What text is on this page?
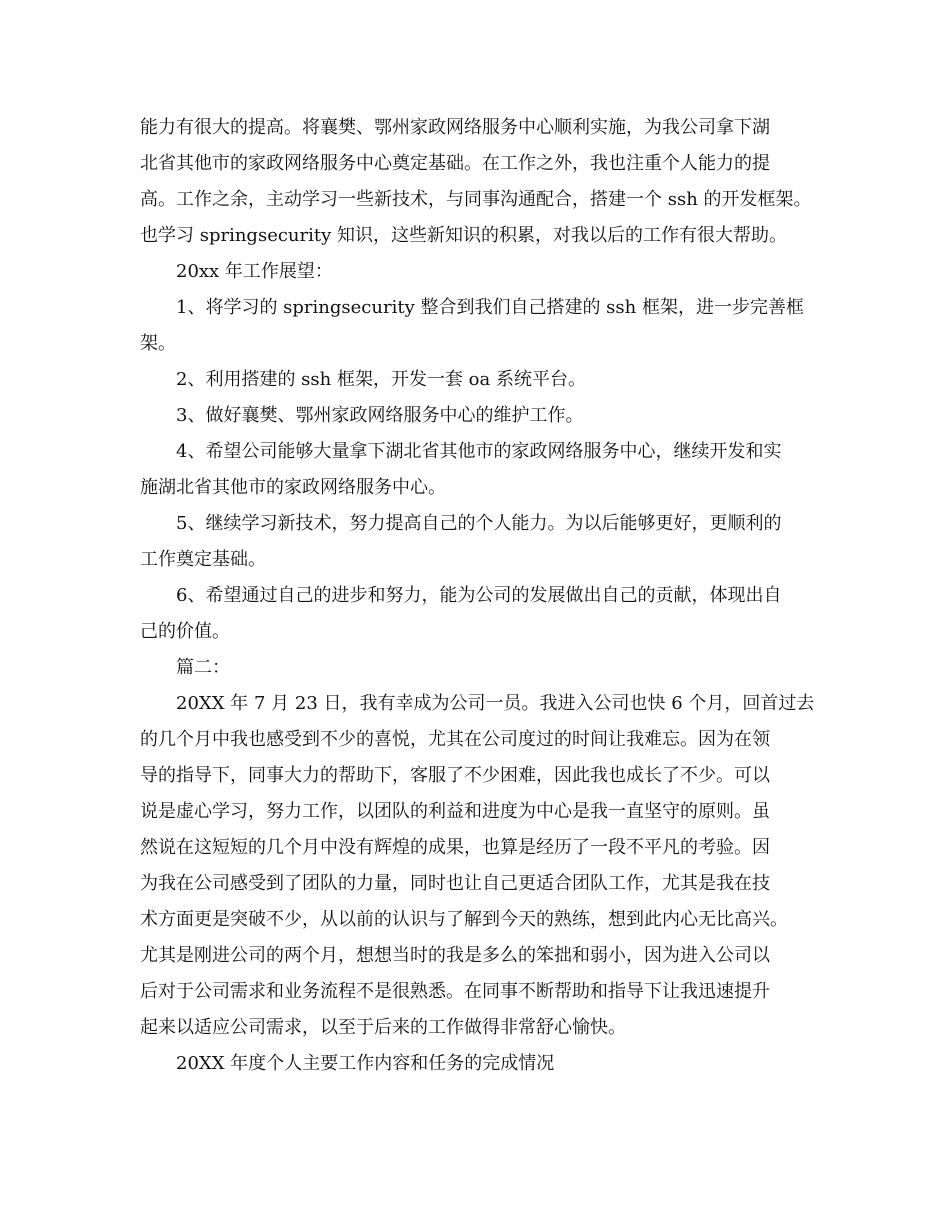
能力有很大的提高。将襄樊、鄂州家政网络服务中心顺利实施，为我公司拿下湖
北省其他市的家政网络服务中心奠定基础。在工作之外，我也注重个人能力的提
高。工作之余，主动学习一些新技术，与同事沟通配合，搭建一个 ssh 的开发框架。
也学习 springsecurity 知识，这些新知识的积累，对我以后的工作有很大帮助。
20xx 年工作展望：
1、将学习的 springsecurity 整合到我们自己搭建的 ssh 框架，进一步完善框
架。
2、利用搭建的 ssh 框架，开发一套 oa 系统平台。
3、做好襄樊、鄂州家政网络服务中心的维护工作。
4、希望公司能够大量拿下湖北省其他市的家政网络服务中心，继续开发和实
施湖北省其他市的家政网络服务中心。
5、继续学习新技术，努力提高自己的个人能力。为以后能够更好，更顺利的
工作奠定基础。
6、希望通过自己的进步和努力，能为公司的发展做出自己的贡献，体现出自
己的价值。
篇二：
20XX 年 7 月 23 日，我有幸成为公司一员。我进入公司也快 6 个月，回首过去
的几个月中我也感受到不少的喜悦，尤其在公司度过的时间让我难忘。因为在领
导的指导下，同事大力的帮助下，客服了不少困难，因此我也成长了不少。可以
说是虚心学习，努力工作，以团队的利益和进度为中心是我一直坚守的原则。虽
然说在这短短的几个月中没有辉煌的成果，也算是经历了一段不平凡的考验。因
为我在公司感受到了团队的力量，同时也让自己更适合团队工作，尤其是我在技
术方面更是突破不少，从以前的认识与了解到今天的熟练，想到此内心无比高兴。
尤其是刚进公司的两个月，想想当时的我是多么的笨拙和弱小，因为进入公司以
后对于公司需求和业务流程不是很熟悉。在同事不断帮助和指导下让我迅速提升
起来以适应公司需求，以至于后来的工作做得非常舒心愉快。
20XX 年度个人主要工作内容和任务的完成情况
